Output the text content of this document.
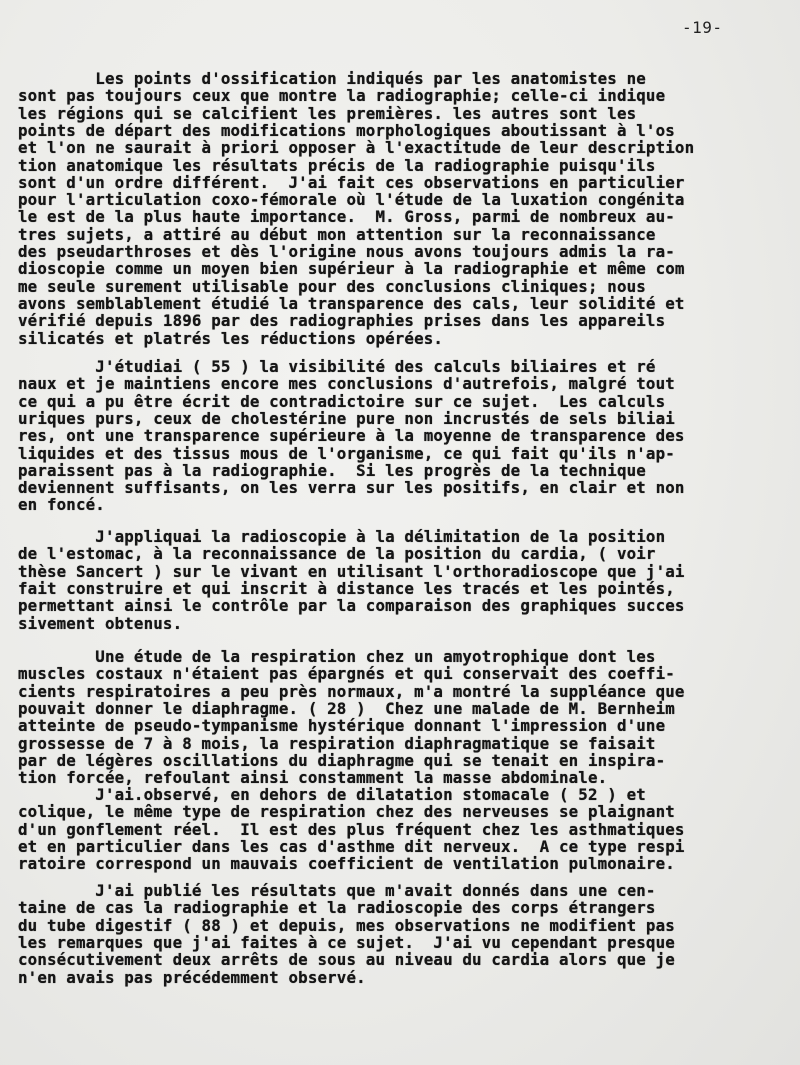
-19-
Les points d'ossification indiqués par les anatomistes ne
sont pas toujours ceux que montre la radiographie; celle-ci indique
les régions qui se calcifient les premières. les autres sont les
points de départ des modifications morphologiques aboutissant à l'os
et l'on ne saurait à priori opposer à l'exactitude de leur description
tion anatomique les résultats précis de la radiographie puisqu'ils
sont d'un ordre différent.  J'ai fait ces observations en particulier
pour l'articulation coxo-fémorale où l'étude de la luxation congénita
le est de la plus haute importance.  M. Gross, parmi de nombreux au-
tres sujets, a attiré au début mon attention sur la reconnaissance
des pseudarthroses et dès l'origine nous avons toujours admis la ra-
dioscopie comme un moyen bien supérieur à la radiographie et même com
me seule surement utilisable pour des conclusions cliniques; nous
avons semblablement étudié la transparence des cals, leur solidité et
vérifié depuis 1896 par des radiographies prises dans les appareils
silicatés et platrés les réductions opérées.
J'étudiai ( 55 ) la visibilité des calculs biliaires et ré
naux et je maintiens encore mes conclusions d'autrefois, malgré tout
ce qui a pu être écrit de contradictoire sur ce sujet.  Les calculs
uriques purs, ceux de cholestérine pure non incrustés de sels biliai
res, ont une transparence supérieure à la moyenne de transparence des
liquides et des tissus mous de l'organisme, ce qui fait qu'ils n'ap-
paraissent pas à la radiographie.  Si les progrès de la technique
deviennent suffisants, on les verra sur les positifs, en clair et non
en foncé.
J'appliquai la radioscopie à la délimitation de la position
de l'estomac, à la reconnaissance de la position du cardia, ( voir
thèse Sancert ) sur le vivant en utilisant l'orthoradioscope que j'ai
fait construire et qui inscrit à distance les tracés et les pointés,
permettant ainsi le contrôle par la comparaison des graphiques succes
sivement obtenus.
Une étude de la respiration chez un amyotrophique dont les
muscles costaux n'étaient pas épargnés et qui conservait des coeffi-
cients respiratoires a peu près normaux, m'a montré la suppléance que
pouvait donner le diaphragme. ( 28 )  Chez une malade de M. Bernheim
atteinte de pseudo-tympanisme hystérique donnant l'impression d'une
grossesse de 7 à 8 mois, la respiration diaphragmatique se faisait
par de légères oscillations du diaphragme qui se tenait en inspira-
tion forcée, refoulant ainsi constamment la masse abdominale.
J'ai.observé, en dehors de dilatation stomacale ( 52 ) et
colique, le même type de respiration chez des nerveuses se plaignant
d'un gonflement réel.  Il est des plus fréquent chez les asthmatiques
et en particulier dans les cas d'asthme dit nerveux.  A ce type respi
ratoire correspond un mauvais coefficient de ventilation pulmonaire.
J'ai publié les résultats que m'avait donnés dans une cen-
taine de cas la radiographie et la radioscopie des corps étrangers
du tube digestif ( 88 ) et depuis, mes observations ne modifient pas
les remarques que j'ai faites à ce sujet.  J'ai vu cependant presque
consécutivement deux arrêts de sous au niveau du cardia alors que je
n'en avais pas précédemment observé.
